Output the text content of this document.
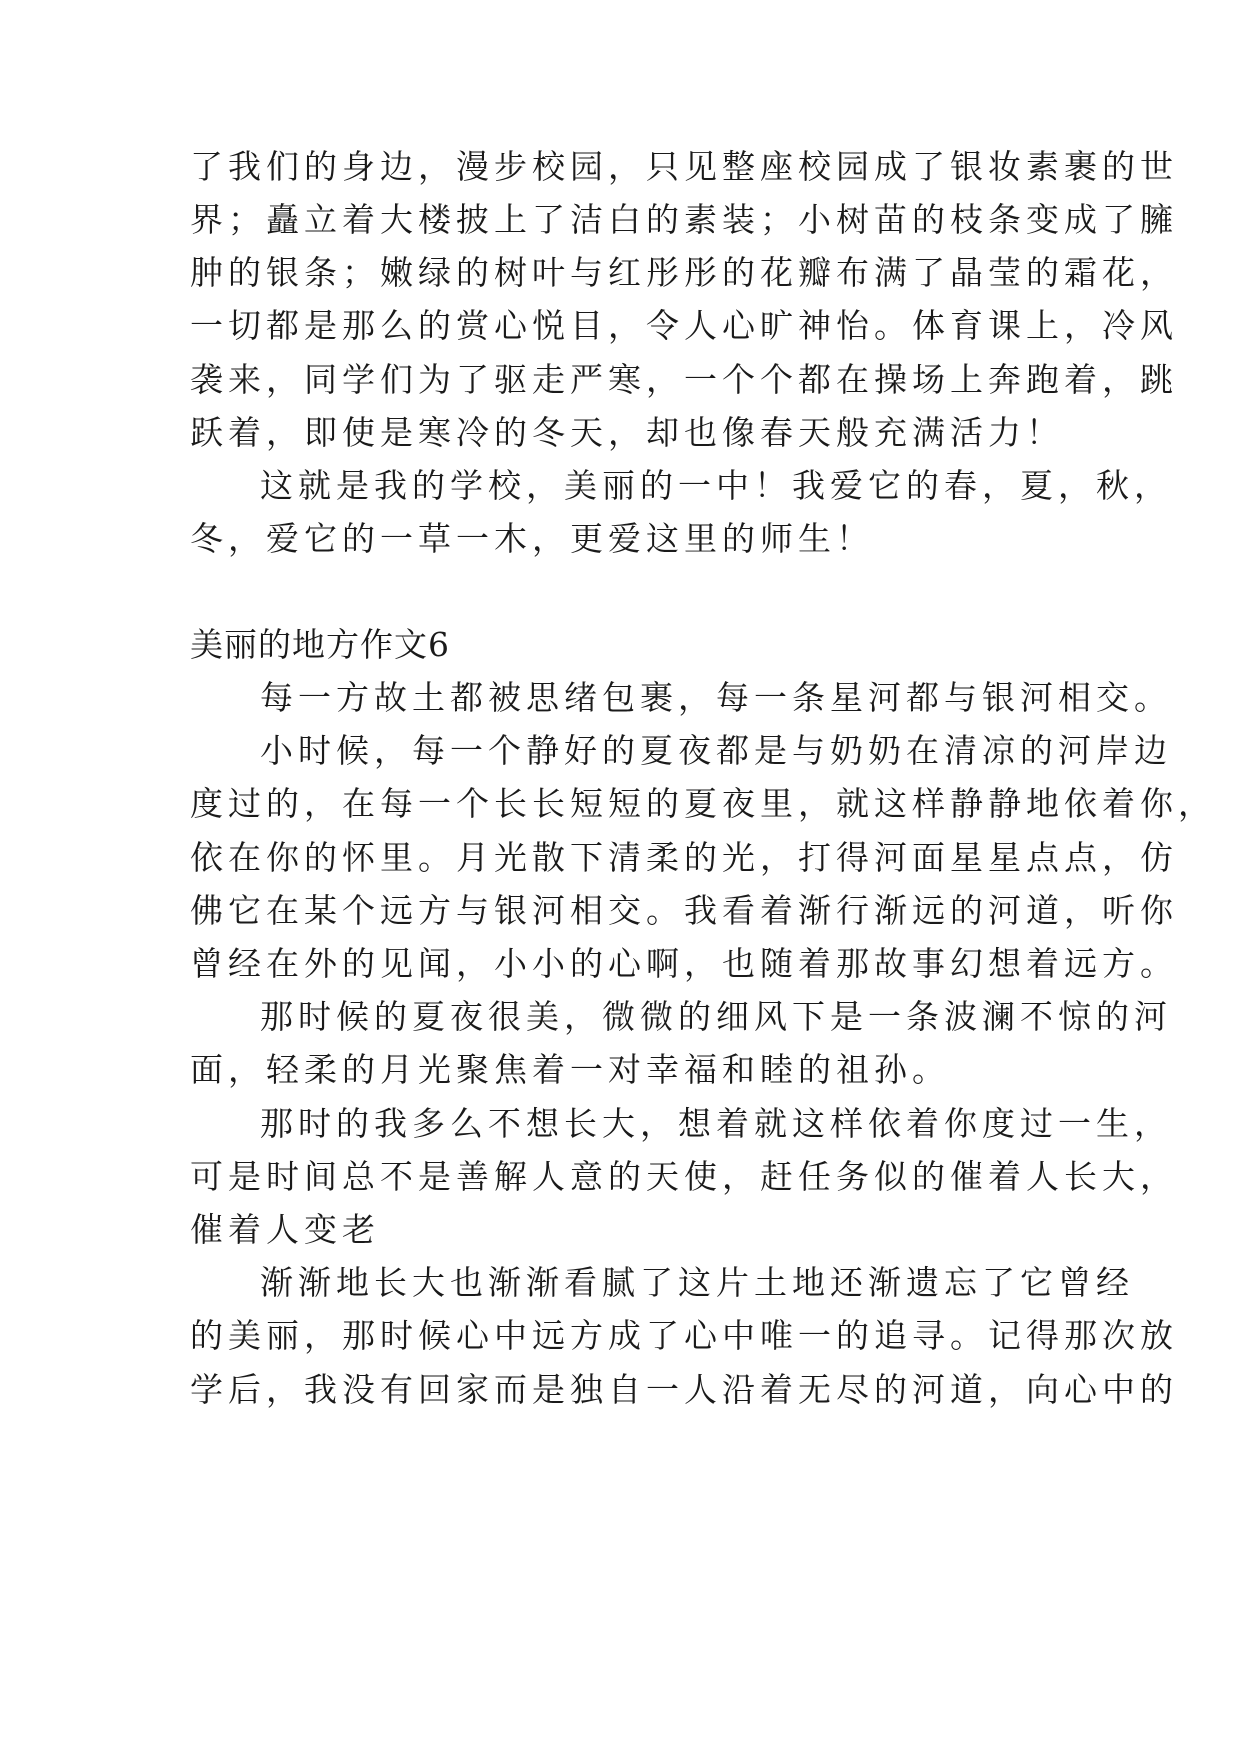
了我们的身边，漫步校园，只见整座校园成了银妆素裹的世
界；矗立着大楼披上了洁白的素装；小树苗的枝条变成了臃
肿的银条；嫩绿的树叶与红彤彤的花瓣布满了晶莹的霜花，
一切都是那么的赏心悦目，令人心旷神怡。体育课上，冷风
袭来，同学们为了驱走严寒，一个个都在操场上奔跑着，跳
跃着，即使是寒冷的冬天，却也像春天般充满活力！
这就是我的学校，美丽的一中！我爱它的春，夏，秋，
冬，爱它的一草一木，更爱这里的师生！
美丽的地方作文6
每一方故土都被思绪包裹，每一条星河都与银河相交。
小时候，每一个静好的夏夜都是与奶奶在清凉的河岸边
度过的，在每一个长长短短的夏夜里，就这样静静地依着你，
依在你的怀里。月光散下清柔的光，打得河面星星点点，仿
佛它在某个远方与银河相交。我看着渐行渐远的河道，听你
曾经在外的见闻，小小的心啊，也随着那故事幻想着远方。
那时候的夏夜很美，微微的细风下是一条波澜不惊的河
面，轻柔的月光聚焦着一对幸福和睦的祖孙。
那时的我多么不想长大，想着就这样依着你度过一生，
可是时间总不是善解人意的天使，赶任务似的催着人长大，
催着人变老
渐渐地长大也渐渐看腻了这片土地还渐遗忘了它曾经
的美丽，那时候心中远方成了心中唯一的追寻。记得那次放
学后，我没有回家而是独自一人沿着无尽的河道，向心中的
